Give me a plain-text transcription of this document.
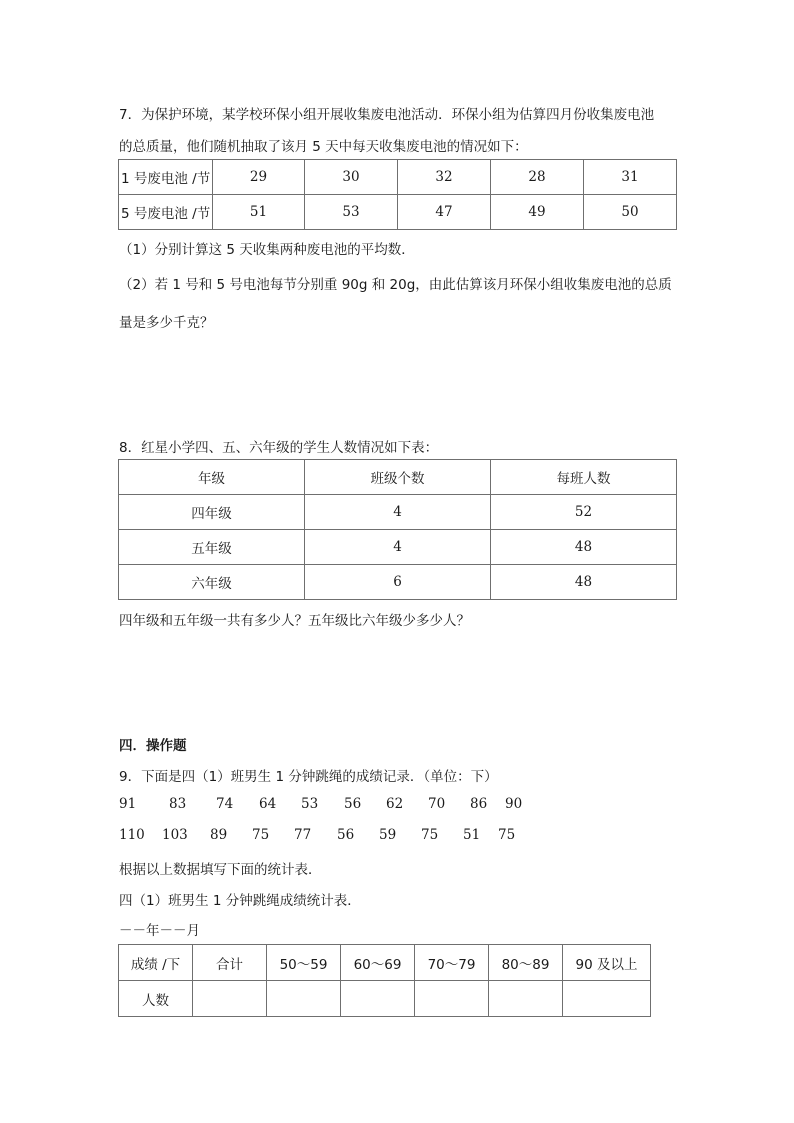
7．为保护环境，某学校环保小组开展收集废电池活动．环保小组为估算四月份收集废电池
的总质量，他们随机抽取了该月 5 天中每天收集废电池的情况如下：
1 号废电池 /节	29	30	32	28	31
5 号废电池 /节	51	53	47	49	50
（1）分别计算这 5 天收集两种废电池的平均数．
（2）若 1 号和 5 号电池每节分别重 90g 和 20g，由此估算该月环保小组收集废电池的总质
量是多少千克？
8．红星小学四、五、六年级的学生人数情况如下表：
年级	班级个数	每班人数
四年级	4	52
五年级	4	48
六年级	6	48
四年级和五年级一共有多少人？五年级比六年级少多少人？
四．操作题
9．下面是四（1）班男生 1 分钟跳绳的成绩记录．（单位：下）
91 83 74 64 53 56 62 70 86 90
110 103 89 75 77 56 59 75 51 75
根据以上数据填写下面的统计表．
四（1）班男生 1 分钟跳绳成绩统计表．
－－年－－月
成绩 /下	合计	50～59	60～69	70～79	80～89	90 及以上
人数						
